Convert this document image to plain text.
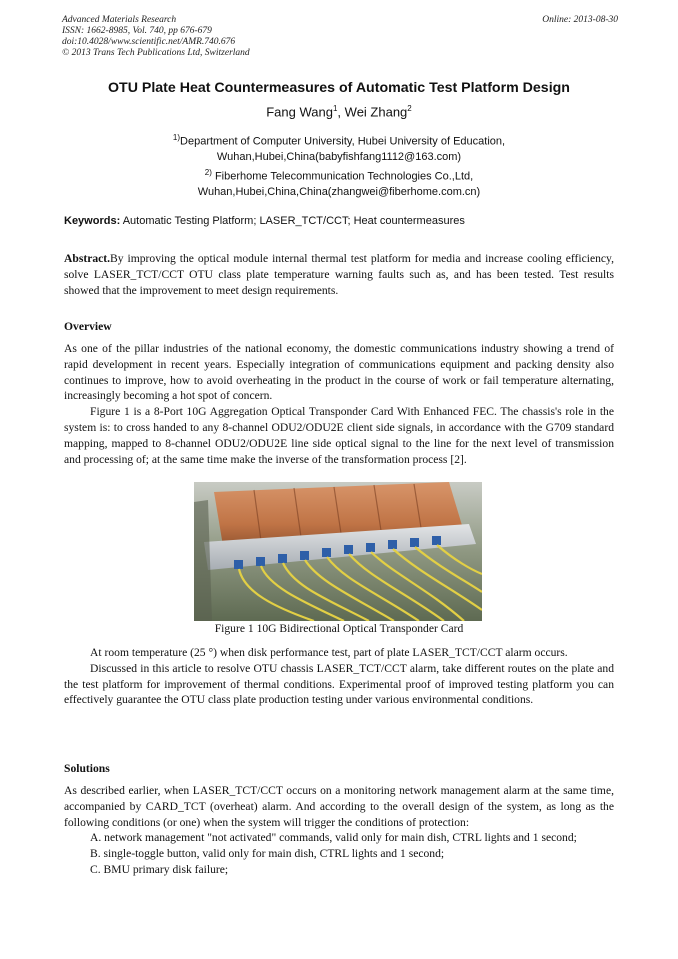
Advanced Materials Research
ISSN: 1662-8985, Vol. 740, pp 676-679
doi:10.4028/www.scientific.net/AMR.740.676
© 2013 Trans Tech Publications Ltd, Switzerland
Online: 2013-08-30
OTU Plate Heat Countermeasures of Automatic Test Platform Design
Fang Wang$^1$, Wei Zhang$^2$
$^{1)}$Department of Computer University, Hubei University of Education,
Wuhan,Hubei,China(babyfishfang1112@163.com)
$^{2)}$ Fiberhome Telecommunication Technologies Co.,Ltd,
Wuhan,Hubei,China,China(zhangwei@fiberhome.com.cn)
Keywords: Automatic Testing Platform; LASER_TCT/CCT; Heat countermeasures

Abstract.By improving the optical module internal thermal test platform for media and increase cooling efficiency, solve LASER_TCT/CCT OTU class plate temperature warning faults such as, and has been tested. Test results showed that the improvement to meet design requirements.

Overview

As one of the pillar industries of the national economy, the domestic communications industry showing a trend of rapid development in recent years. Especially integration of communications equipment and packing density also continues to improve, how to avoid overheating in the product in the course of work or fail temperature alternating, increasingly becoming a hot spot of concern.

Figure 1 is a 8-Port 10G Aggregation Optical Transponder Card With Enhanced FEC. The chassis's role in the system is: to cross handed to any 8-channel ODU2/ODU2E client side signals, in accordance with the G709 standard mapping, mapped to 8-channel ODU2/ODU2E line side optical signal to the line for the next level of transmission and processing of; at the same time make the inverse of the transformation process [2].

Figure 1 10G Bidirectional Optical Transponder Card

At room temperature (25 °) when disk performance test, part of plate LASER_TCT/CCT alarm occurs.

Discussed in this article to resolve OTU chassis LASER_TCT/CCT alarm, take different routes on the plate and the test platform for improvement of thermal conditions. Experimental proof of improved testing platform you can effectively guarantee the OTU class plate production testing under various environmental conditions.

Solutions

As described earlier, when LASER_TCT/CCT occurs on a monitoring network management alarm at the same time, accompanied by CARD_TCT (overheat) alarm. And according to the overall design of the system, as long as the following conditions (or one) when the system will trigger the conditions of protection:

A. network management "not activated" commands, valid only for main dish, CTRL lights and 1 second;

B. single-toggle button, valid only for main dish, CTRL lights and 1 second;

C. BMU primary disk failure;
